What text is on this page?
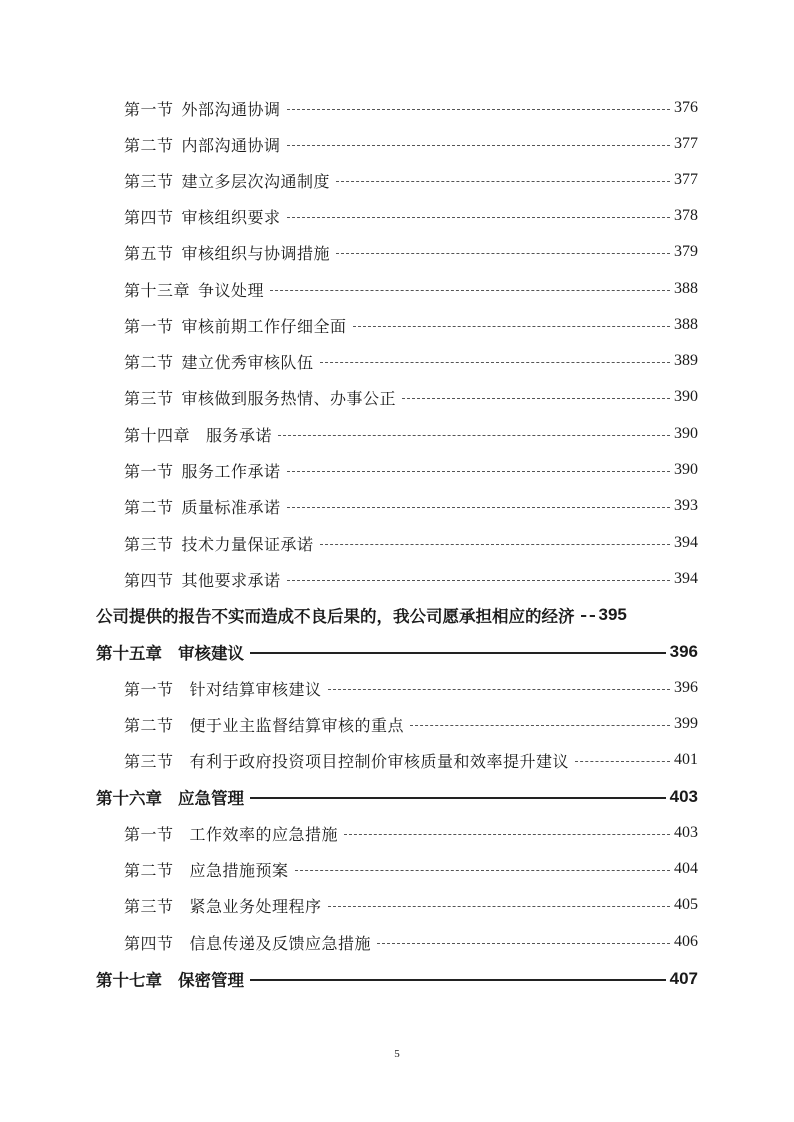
第一节 外部沟通协调	376
第二节 内部沟通协调	377
第三节 建立多层次沟通制度	377
第四节 审核组织要求	378
第五节 审核组织与协调措施	379
第十三章 争议处理	388
第一节 审核前期工作仔细全面	388
第二节 建立优秀审核队伍	389
第三节 审核做到服务热情、办事公正	390
第十四章 服务承诺	390
第一节 服务工作承诺	390
第二节 质量标准承诺	393
第三节 技术力量保证承诺	394
第四节 其他要求承诺	394
公司提供的报告不实而造成不良后果的，我公司愿承担相应的经济 395
第十五章 审核建议	396
第一节 针对结算审核建议	396
第二节 便于业主监督结算审核的重点	399
第三节 有利于政府投资项目控制价审核质量和效率提升建议	401
第十六章 应急管理	403
第一节 工作效率的应急措施	403
第二节 应急措施预案	404
第三节 紧急业务处理程序	405
第四节 信息传递及反馈应急措施	406
第十七章 保密管理	407
5
